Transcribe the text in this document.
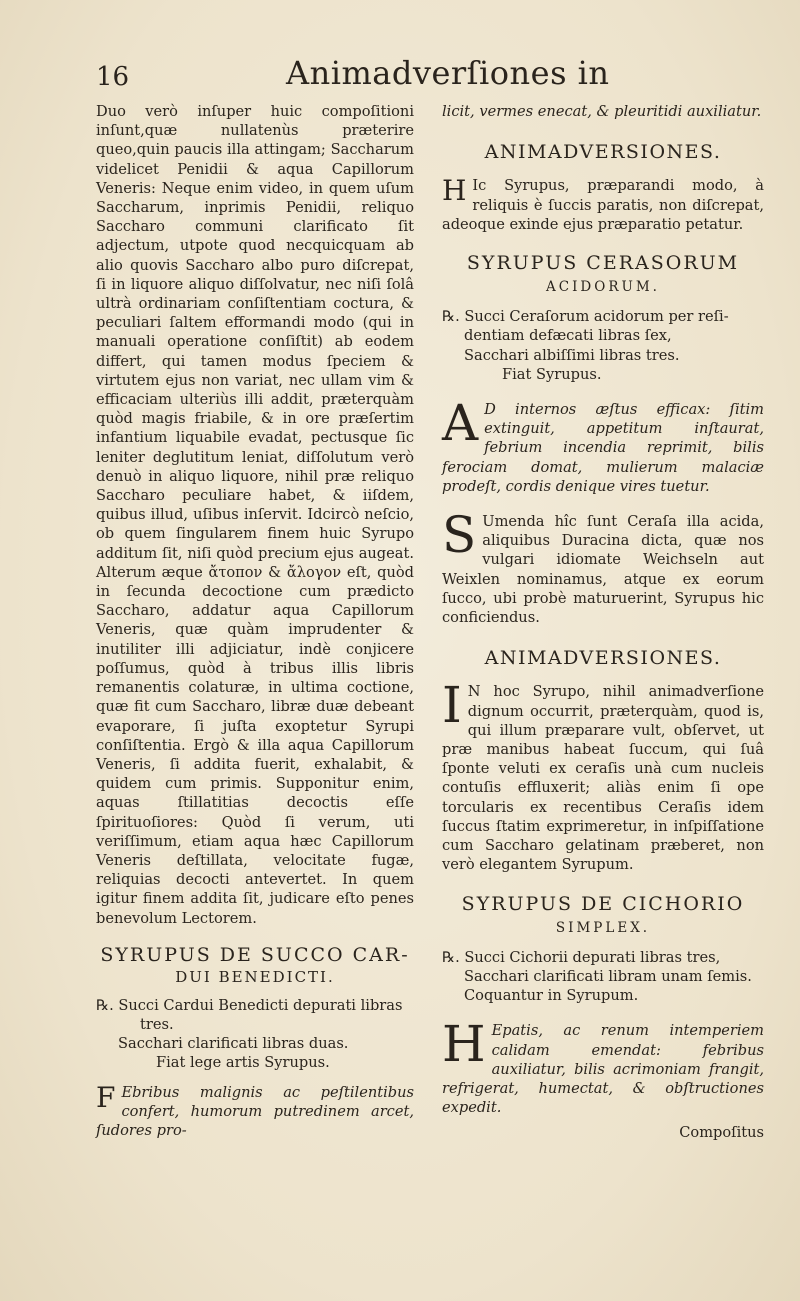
16	Animadverſiones in

Duo verò inſuper huic compoſitioni inſunt,quæ nullatenùs præterire queo,quin paucis illa attingam; Saccharum videlicet Penidii & aqua Capillorum Veneris: Neque enim video, in quem uſum Saccharum, inprimis Penidii, reliquo Saccharo communi clarificato ſit adjectum, utpote quod necquicquam ab alio quovis Saccharo albo puro diſcrepat, ſi in liquore aliquo diſſolvatur, nec niſi ſolâ ultrà ordinariam conſiſtentiam coctura, & peculiari ſaltem efformandi modo (qui in manuali operatione conſiſtit) ab eodem differt, qui tamen modus ſpeciem & virtutem ejus non variat, nec ullam vim & efficaciam ulteriùs illi addit, præterquàm quòd magis friabile, & in ore præſertim infantium liquabile evadat, pectusque ſic leniter deglutitum leniat, diſſolutum verò denuò in aliquo liquore, nihil præ reliquo Saccharo peculiare habet, & iiſdem, quibus illud, uſibus inſervit. Idcircò neſcio, ob quem ſingularem finem huic Syrupo additum ſit, niſi quòd precium ejus augeat. Alterum æque ἄτοπον & ἄλογον eſt, quòd in ſecunda decoctione cum prædicto Saccharo, addatur aqua Capillorum Veneris, quæ quàm imprudenter & inutiliter illi adjiciatur, indè conjicere poſſumus, quòd à tribus illis libris remanentis colaturæ, in ultima coctione, quæ fit cum Saccharo, libræ duæ debeant evaporare, ſi juſta exoptetur Syrupi conſiſtentia. Ergò & illa aqua Capillorum Veneris, ſi addita fuerit, exhalabit, & quidem cum primis. Supponitur enim, aquas ſtillatitias decoctis eſſe ſpirituoſiores: Quòd ſi verum, uti veriſſimum, etiam aqua hæc Capillorum Veneris deſtillata, velocitate fugæ, reliquias decocti antevertet. In quem igitur finem addita ſit, judicare eſto penes benevolum Lectorem.

SYRUPUS DE SUCCO CAR-
DUI BENEDICTI.

℞. Succi Cardui Benedicti depurati libras

tres.

Sacchari clarificati libras duas.

Fiat lege artis Syrupus.

F Ebribus malignis ac peſtilentibus confert, humorum putredinem arcet, ſudores pro-

licit, vermes enecat, & pleuritidi auxiliatur.

ANIMADVERSIONES.

H Ic Syrupus, præparandi modo, à reliquis è ſuccis paratis, non diſcrepat, adeoque exinde ejus præparatio petatur.

SYRUPUS CERASORUM
ACIDORUM.

℞. Succi Ceraſorum acidorum per reſi-

dentiam defæcati libras ſex,

Sacchari albiſſimi libras tres.

Fiat Syrupus.

A D internos æſtus efficax: ſitim extinguit, appetitum inſtaurat, febrium incendia reprimit, bilis ferociam domat, mulierum malaciæ prodeſt, cordis denique vires tuetur.

S Umenda hîc ſunt Ceraſa illa acida, aliquibus Duracina dicta, quæ nos vulgari idiomate Weichseln aut Weixlen nominamus, atque ex eorum ſucco, ubi probè maturuerint, Syrupus hic conficiendus.

ANIMADVERSIONES.

I N hoc Syrupo, nihil animadverſione dignum occurrit, præterquàm, quod is, qui illum præparare vult, obſervet, ut præ manibus habeat ſuccum, qui ſuâ ſponte veluti ex ceraſis unà cum nucleis contuſis effluxerit; aliàs enim ſi ope torcularis ex recentibus Ceraſis idem ſuccus ſtatim exprimeretur, in inſpiſſatione cum Saccharo gelatinam præberet, non verò elegantem Syrupum.

SYRUPUS DE CICHORIO
SIMPLEX.

℞. Succi Cichorii depurati libras tres,

Sacchari clarificati libram unam ſemis.

Coquantur in Syrupum.

H Epatis, ac renum intemperiem calidam emendat: febribus auxiliatur, bilis acrimoniam frangit, refrigerat, humectat, & obſtructiones expedit.

Compoſitus
